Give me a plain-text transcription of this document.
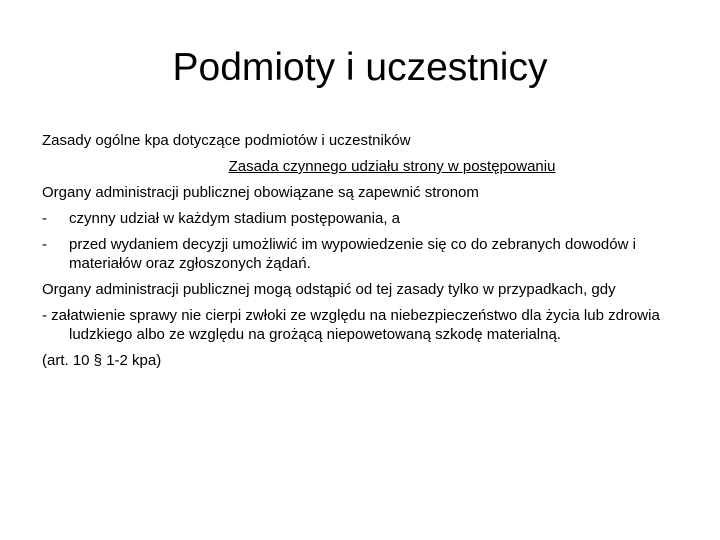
Podmioty i uczestnicy

Zasady ogólne kpa dotyczące podmiotów i uczestników

Zasada czynnego udziału strony w postępowaniu

Organy administracji publicznej obowiązane są zapewnić stronom

- czynny udział w każdym stadium postępowania, a
- przed wydaniem decyzji umożliwić im wypowiedzenie się co do zebranych dowodów i materiałów oraz zgłoszonych żądań.

Organy administracji publicznej mogą odstąpić od tej zasady tylko w przypadkach, gdy

- załatwienie sprawy nie cierpi zwłoki ze względu na niebezpieczeństwo dla życia lub zdrowia ludzkiego albo ze względu na grożącą niepowetowaną szkodę materialną.

(art. 10 § 1-2 kpa)
